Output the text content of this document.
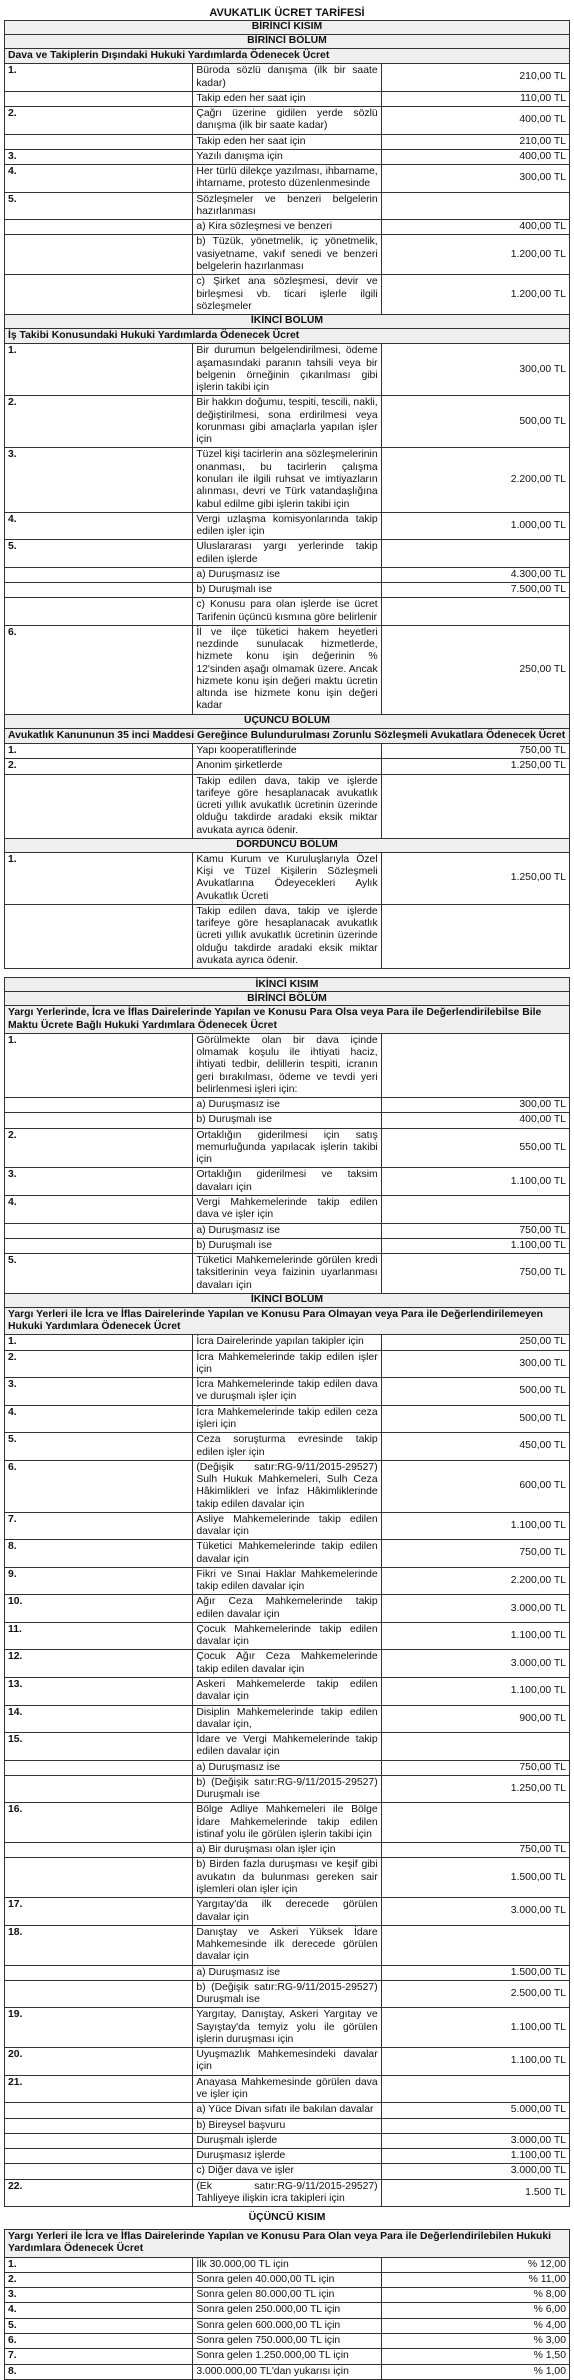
AVUKATLIK ÜCRET TARİFESİ
BİRİNCİ KISIM		
BİRİNCİ BÖLÜM		
Dava ve Takiplerin Dışındaki Hukuki Yardımlarda Ödenecek Ücret		
1.	Büroda sözlü danışma (ilk bir saate kadar)	210,00 TL
	Takip eden her saat için	110,00 TL
2.	Çağrı üzerine gidilen yerde sözlü danışma (ilk bir saate kadar)	400,00 TL
	Takip eden her saat için	210,00 TL
3.	Yazılı danışma için	400,00 TL
4.	Her türlü dilekçe yazılması, ihbarname, ihtarname, protesto düzenlenmesinde	300,00 TL
5.	Sözleşmeler ve benzeri belgelerin hazırlanması	
	a) Kira sözleşmesi ve benzeri	400,00 TL
	b) Tüzük, yönetmelik, iç yönetmelik, vasiyetname, vakıf senedi ve benzeri belgelerin hazırlanması	1.200,00 TL
	c) Şirket ana sözleşmesi, devir ve birleşmesi vb. ticari işlerle ilgili sözleşmeler	1.200,00 TL
İKİNCİ BÖLÜM		
İş Takibi Konusundaki Hukuki Yardımlarda Ödenecek Ücret		
1.	Bir durumun belgelendirilmesi, ödeme aşamasındaki paranın tahsili veya bir belgenin örneğinin çıkarılması gibi işlerin takibi için	300,00 TL
2.	Bir hakkın doğumu, tespiti, tescili, nakli, değiştirilmesi, sona erdirilmesi veya korunması gibi amaçlarla yapılan işler için	500,00 TL
3.	Tüzel kişi tacirlerin ana sözleşmelerinin onanması, bu tacirlerin çalışma konuları ile ilgili ruhsat ve imtiyazların alınması, devri ve Türk vatandaşlığına kabul edilme gibi işlerin takibi için	2.200,00 TL
4.	Vergi uzlaşma komisyonlarında takip edilen işler için	1.000,00 TL
5.	Uluslararası yargı yerlerinde takip edilen işlerde	
	a) Duruşmasız ise	4.300,00 TL
	b) Duruşmalı ise	7.500,00 TL
	c) Konusu para olan işlerde ise ücret Tarifenin üçüncü kısmına göre belirlenir	
6.	İl ve ilçe tüketici hakem heyetleri nezdinde sunulacak hizmetlerde, hizmete konu işin değerinin % 12'sinden aşağı olmamak üzere. Ancak hizmete konu işin değeri maktu ücretin altında ise hizmete konu işin değeri kadar	250,00 TL
ÜÇÜNCÜ BÖLÜM		
Avukatlık Kanununun 35 inci Maddesi Gereğince Bulundurulması Zorunlu Sözleşmeli Avukatlara Ödenecek Ücret		
1.	Yapı kooperatiflerinde	750,00 TL
2.	Anonim şirketlerde	1.250,00 TL
	Takip edilen dava, takip ve işlerde tarifeye göre hesaplanacak avukatlık ücreti yıllık avukatlık ücretinin üzerinde olduğu takdirde aradaki eksik miktar avukata ayrıca ödenir.	
DÖRDÜNCÜ BÖLÜM		
1.	Kamu Kurum ve Kuruluşlarıyla Özel Kişi ve Tüzel Kişilerin Sözleşmeli Avukatlarına Ödeyecekleri Aylık Avukatlık Ücreti	1.250,00 TL
	Takip edilen dava, takip ve işlerde tarifeye göre hesaplanacak avukatlık ücreti yıllık avukatlık ücretinin üzerinde olduğu takdirde aradaki eksik miktar avukata ayrıca ödenir.	
İKİNCİ KISIM		
BİRİNCİ BÖLÜM		
Yargı Yerlerinde, İcra ve İflas Dairelerinde Yapılan ve Konusu Para Olsa veya Para ile Değerlendirilebilse Bile Maktu Ücrete Bağlı Hukuki Yardımlara Ödenecek Ücret		
1.	Görülmekte olan bir dava içinde olmamak koşulu ile ihtiyati haciz, ihtiyati tedbir, delillerin tespiti, icranın geri bırakılması, ödeme ve tevdi yeri belirlenmesi işleri için:	
	a) Duruşmasız ise	300,00 TL
	b) Duruşmalı ise	400,00 TL
2.	Ortaklığın giderilmesi için satış memurluğunda yapılacak işlerin takibi için	550,00 TL
3.	Ortaklığın giderilmesi ve taksim davaları için	1.100,00 TL
4.	Vergi Mahkemelerinde takip edilen dava ve işler için	
	a) Duruşmasız ise	750,00 TL
	b) Duruşmalı ise	1.100,00 TL
5.	Tüketici Mahkemelerinde görülen kredi taksitlerinin veya faizinin uyarlanması davaları için	750,00 TL
İKİNCİ BÖLÜM		
Yargı Yerleri ile İcra ve İflas Dairelerinde Yapılan ve Konusu Para Olmayan veya Para ile Değerlendirilemeyen Hukuki Yardımlara Ödenecek Ücret		
1.	İcra Dairelerinde yapılan takipler için	250,00 TL
2.	İcra Mahkemelerinde takip edilen işler için	300,00 TL
3.	İcra Mahkemelerinde takip edilen dava ve duruşmalı işler için	500,00 TL
4.	İcra Mahkemelerinde takip edilen ceza işleri için	500,00 TL
5.	Ceza soruşturma evresinde takip edilen işler için	450,00 TL
6.	(Değişik satır:RG-9/11/2015-29527) Sulh Hukuk Mahkemeleri, Sulh Ceza Hâkimlikleri ve İnfaz Hâkimliklerinde takip edilen davalar için	600,00 TL
7.	Asliye Mahkemelerinde takip edilen davalar için	1.100,00 TL
8.	Tüketici Mahkemelerinde takip edilen davalar için	750,00 TL
9.	Fikri ve Sınai Haklar Mahkemelerinde takip edilen davalar için	2.200,00 TL
10.	Ağır Ceza Mahkemelerinde takip edilen davalar için	3.000,00 TL
11.	Çocuk Mahkemelerinde takip edilen davalar için	1.100,00 TL
12.	Çocuk Ağır Ceza Mahkemelerinde takip edilen davalar için	3.000,00 TL
13.	Askeri Mahkemelerde takip edilen davalar için	1.100,00 TL
14.	Disiplin Mahkemelerinde takip edilen davalar için,	900,00 TL
15.	İdare ve Vergi Mahkemelerinde takip edilen davalar için	
	a) Duruşmasız ise	750,00 TL
	b) (Değişik satır:RG-9/11/2015-29527) Duruşmalı ise	1.250,00 TL
16.	Bölge Adliye Mahkemeleri ile Bölge İdare Mahkemelerinde takip edilen istinaf yolu ile görülen işlerin takibi için	
	a) Bir duruşması olan işler için	750,00 TL
	b) Birden fazla duruşması ve keşif gibi avukatın da bulunması gereken sair işlemleri olan işler için	1.500,00 TL
17.	Yargıtay'da ilk derecede görülen davalar için	3.000,00 TL
18.	Danıştay ve Askeri Yüksek İdare Mahkemesinde ilk derecede görülen davalar için	
	a) Duruşmasız ise	1.500,00 TL
	b) (Değişik satır:RG-9/11/2015-29527) Duruşmalı ise	2.500,00 TL
19.	Yargıtay, Danıştay, Askeri Yargıtay ve Sayıştay'da temyiz yolu ile görülen işlerin duruşması için	1.100,00 TL
20.	Uyuşmazlık Mahkemesindeki davalar için	1.100,00 TL
21.	Anayasa Mahkemesinde görülen dava ve işler için	
	a) Yüce Divan sıfatı ile bakılan davalar	5.000,00 TL
	b) Bireysel başvuru	
	Duruşmalı işlerde	3.000,00 TL
	Duruşmasız işlerde	1.100,00 TL
	c) Diğer dava ve işler	3.000,00 TL
22.	(Ek satır:RG-9/11/2015-29527) Tahliyeye ilişkin icra takipleri için	1.500 TL
ÜÇÜNCÜ KISIM
Yargı Yerleri ile İcra ve İflas Dairelerinde Yapılan ve Konusu Para Olan veya Para ile Değerlendirilebilen Hukuki Yardımlara Ödenecek Ücret		
1.	İlk 30.000,00 TL için	% 12,00
2.	Sonra gelen 40.000,00 TL için	% 11,00
3.	Sonra gelen 80.000,00 TL için	% 8,00
4.	Sonra gelen 250.000,00 TL için	% 6,00
5.	Sonra gelen 600.000,00 TL için	% 4,00
6.	Sonra gelen 750.000,00 TL için	% 3,00
7.	Sonra gelen 1.250.000,00 TL için	% 1,50
8.	3.000.000,00 TL'dan yukarısı için	% 1,00
